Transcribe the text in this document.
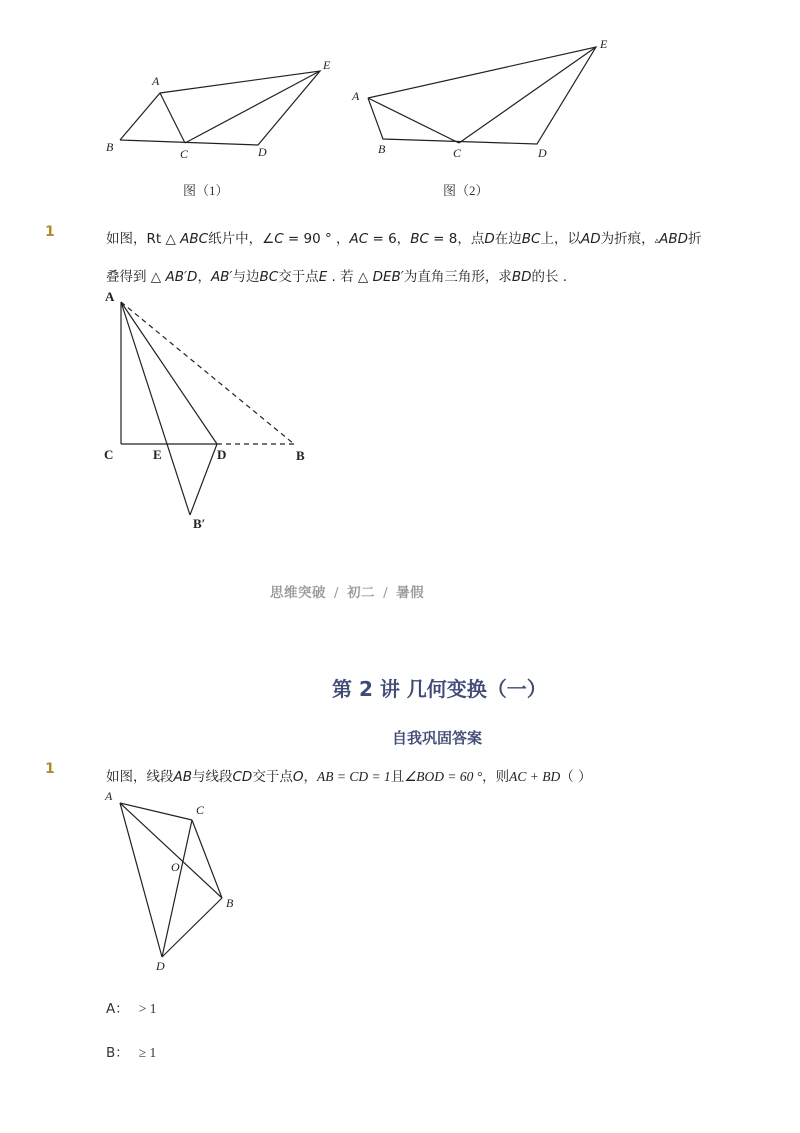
A
B	C	D
E
A
B	C	D
E
A
C	E	D	B
B′
A
C
O
B
D
图（1）	图（2）
1	如图，Rt △ ABC纸片中，∠C = 90 ° ，AC = 6，BC = 8，点D在边BC上，以AD为折痕，▵ABD折
叠得到 △ AB′D，AB′与边BC交于点E . 若 △ DEB′为直角三角形，求BD的长 .
思维突破 / 初二 / 暑假
第 2 讲 几何变换（一）
自我巩固答案
1	如图，线段AB与线段CD交于点O，AB = CD = 1且∠BOD = 60 °，则AC + BD（ ）
A： > 1
B： ≥ 1
